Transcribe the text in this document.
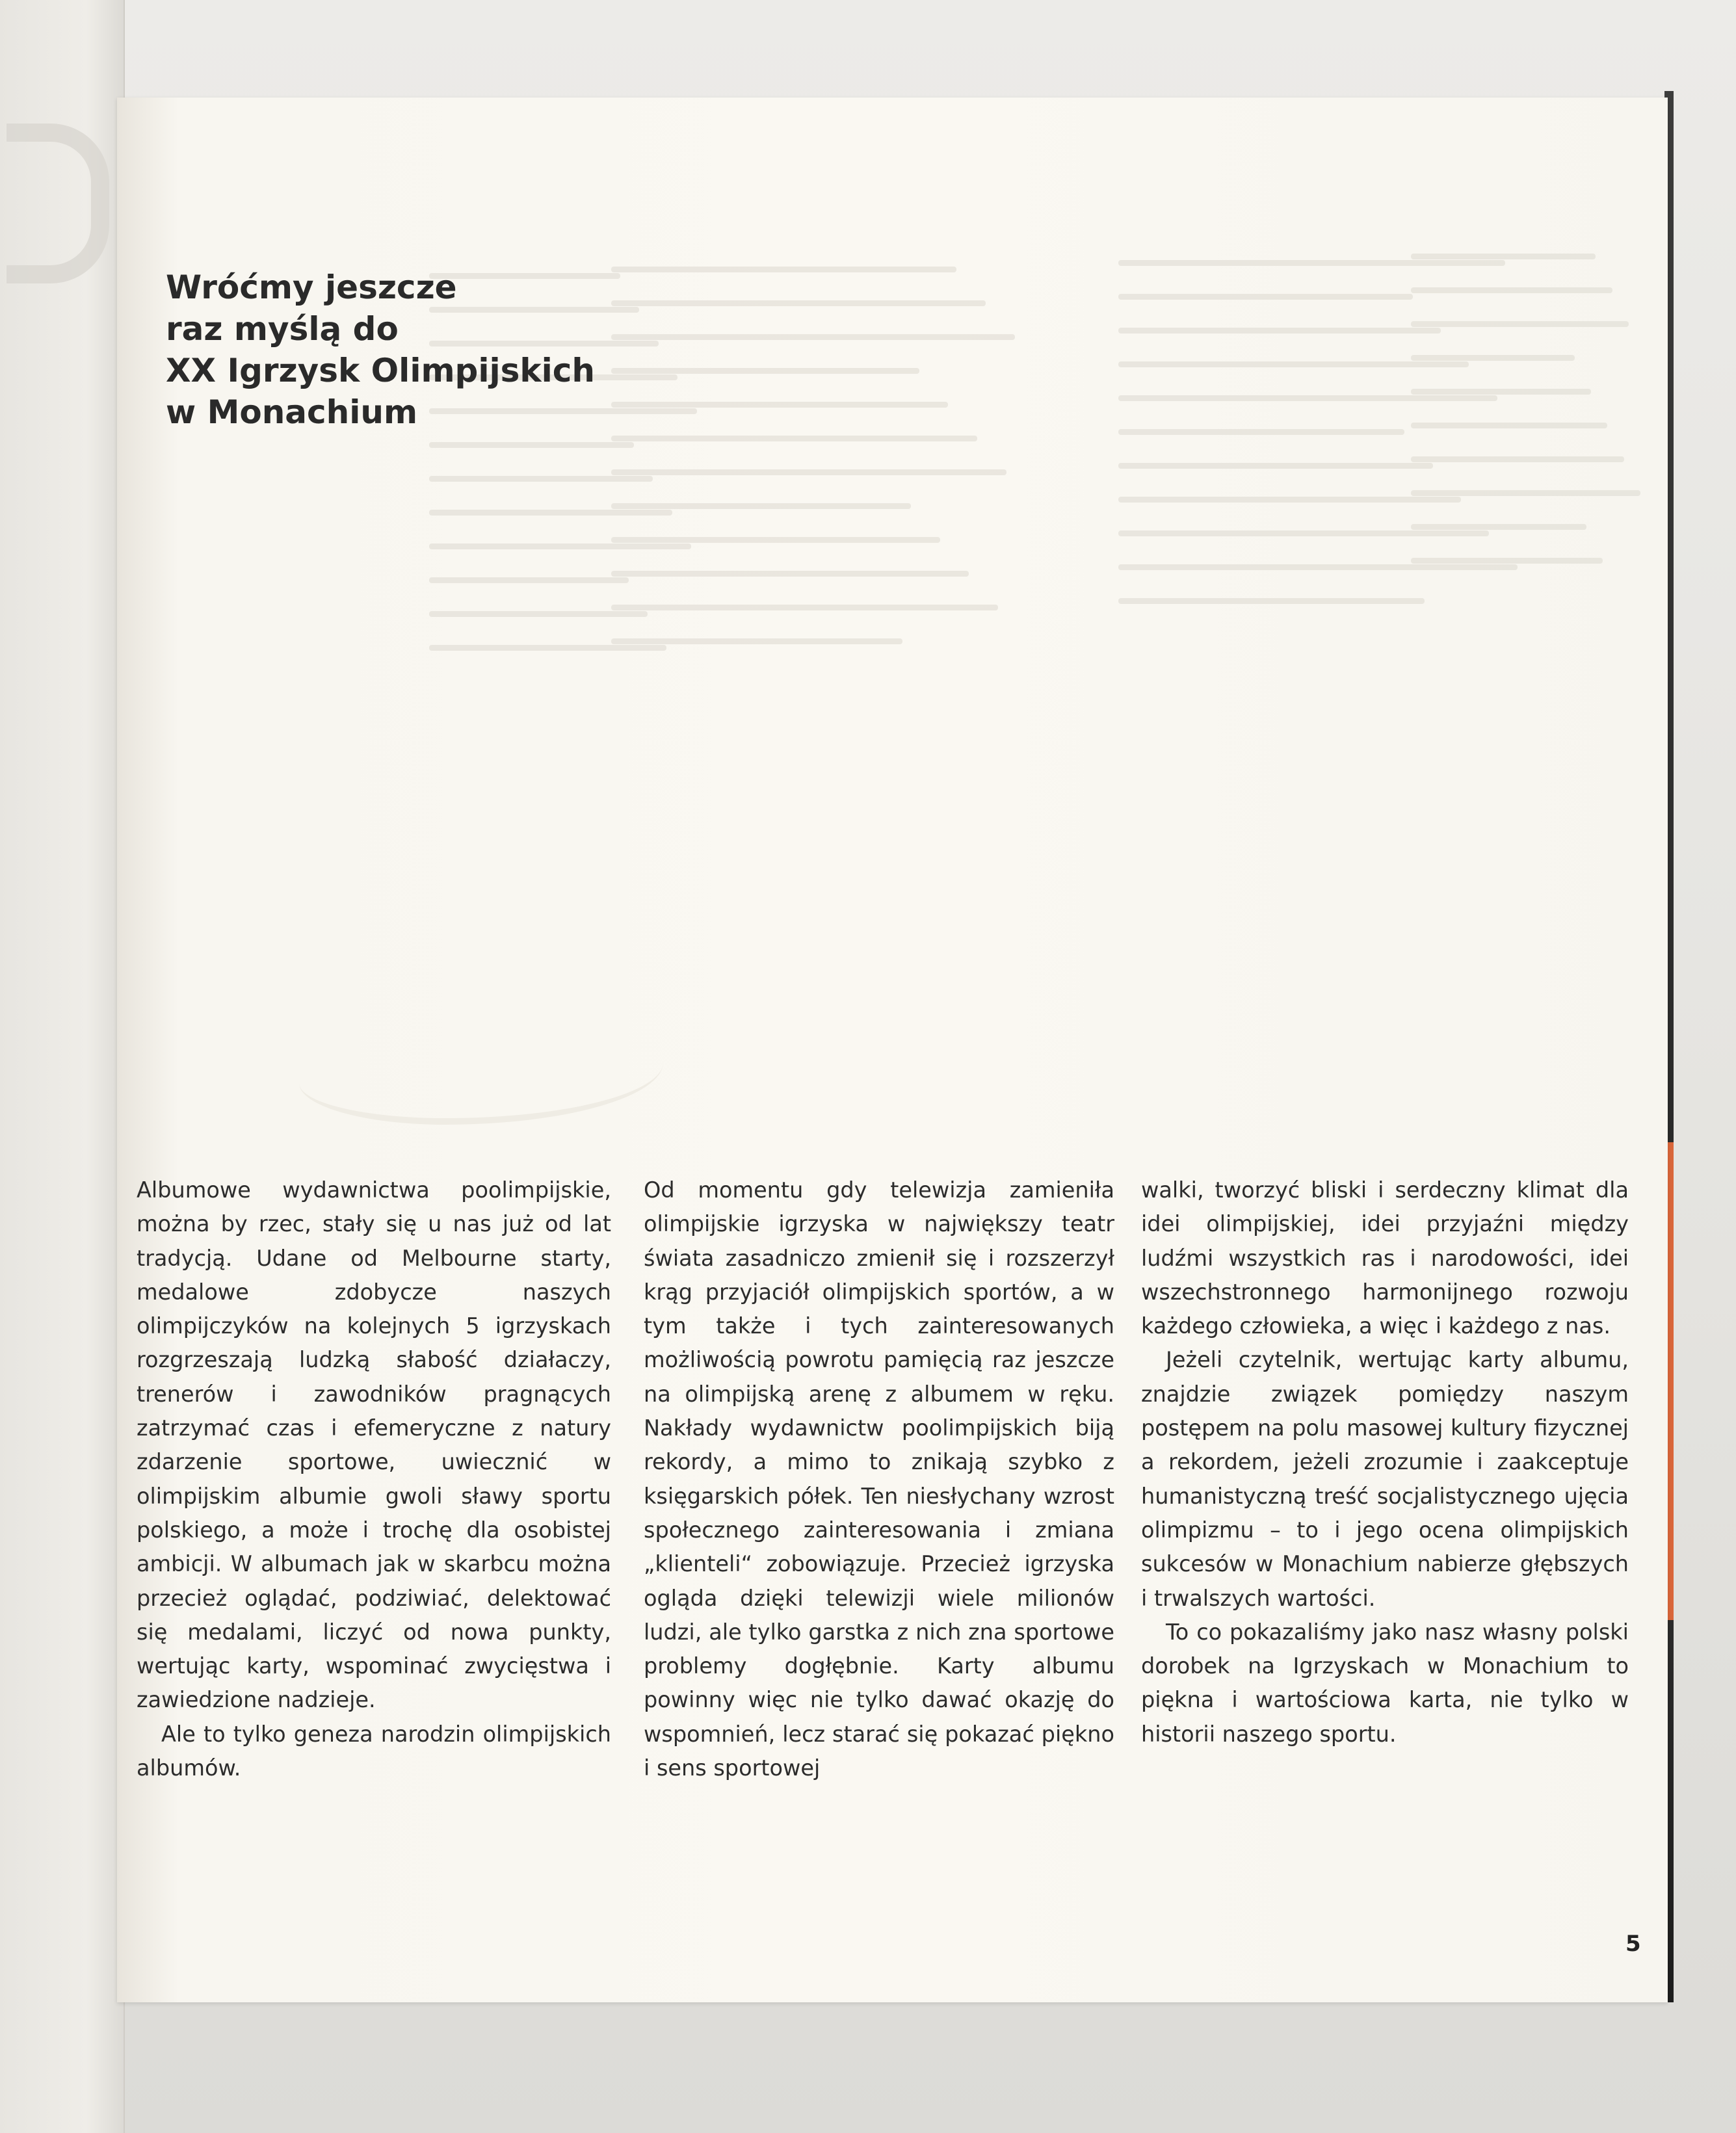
Wróćmy jeszcze
raz myślą do
XX Igrzysk Olimpijskich
w Monachium

Albumowe wydawnictwa poolimpijskie, można by rzec, stały się u nas już od lat tradycją. Udane od Melbourne starty, medalowe zdobycze naszych olimpijczyków na kolejnych 5 igrzyskach rozgrzeszają ludzką słabość działaczy, trenerów i zawodników pragnących zatrzymać czas i efemeryczne z natury zdarzenie sportowe, uwiecznić w olimpijskim albumie gwoli sławy sportu polskiego, a może i trochę dla osobistej ambicji. W albumach jak w skarbcu można przecież oglądać, podziwiać, delektować się medalami, liczyć od nowa punkty, wertując karty, wspominać zwycięstwa i zawiedzione nadzieje.

Ale to tylko geneza narodzin olimpijskich albumów.

Od momentu gdy telewizja zamieniła olimpijskie igrzyska w największy teatr świata zasadniczo zmienił się i rozszerzył krąg przyjaciół olimpijskich sportów, a w tym także i tych zainteresowanych możliwością powrotu pamięcią raz jeszcze na olimpijską arenę z albumem w ręku. Nakłady wydawnictw poolimpijskich biją rekordy, a mimo to znikają szybko z księgarskich półek. Ten niesłychany wzrost społecznego zainteresowania i zmiana „klienteli“ zobowiązuje. Przecież igrzyska ogląda dzięki telewizji wiele milionów ludzi, ale tylko garstka z nich zna sportowe problemy dogłębnie. Karty albumu powinny więc nie tylko dawać okazję do wspomnień, lecz starać się pokazać piękno i sens sportowej

walki, tworzyć bliski i serdeczny klimat dla idei olimpijskiej, idei przyjaźni między ludźmi wszystkich ras i narodowości, idei wszechstronnego harmonijnego rozwoju każdego człowieka, a więc i każdego z nas.

Jeżeli czytelnik, wertując karty albumu, znajdzie związek pomiędzy naszym postępem na polu masowej kultury fizycznej a rekordem, jeżeli zrozumie i zaakceptuje humanistyczną treść socjalistycznego ujęcia olimpizmu – to i jego ocena olimpijskich sukcesów w Monachium nabierze głębszych i trwalszych wartości.

To co pokazaliśmy jako nasz własny polski dorobek na Igrzyskach w Monachium to piękna i wartościowa karta, nie tylko w historii naszego sportu.

5
